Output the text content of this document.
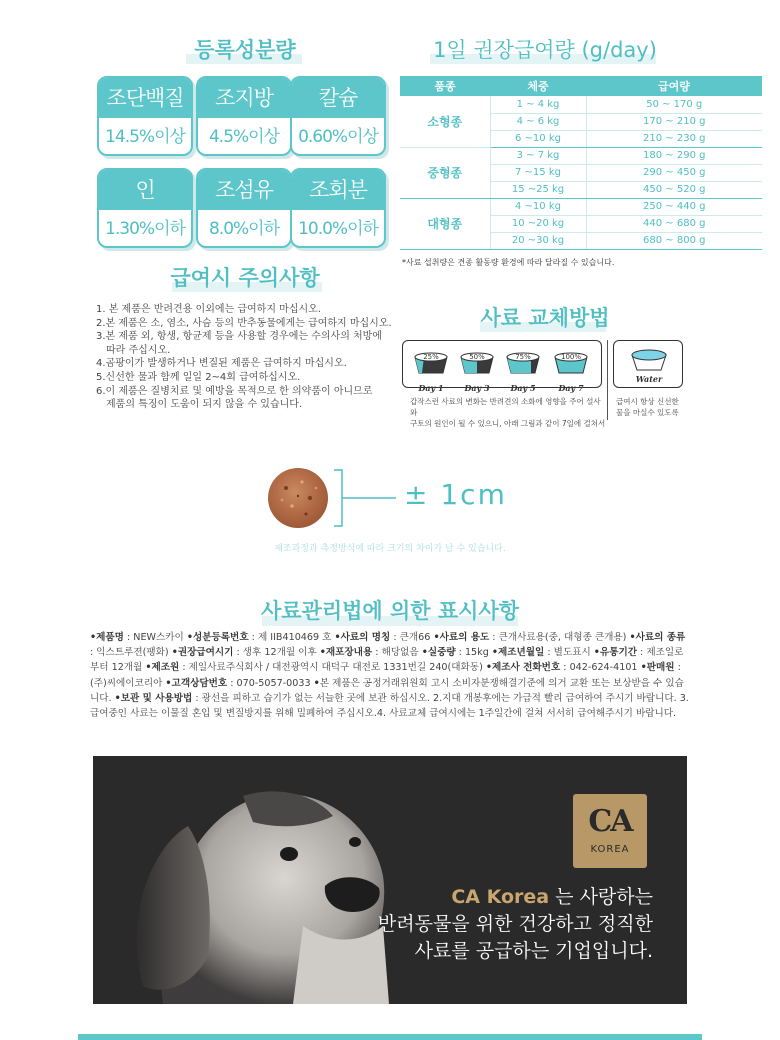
등록성분량
조단백질
14.5%이상
조지방
4.5%이상
칼슘
0.60%이상
인
1.30%이하
조섬유
8.0%이하
조회분
10.0%이하
1일 권장급여량 (g/day)
품종	체중	급여량
소형종	1 ~ 4 kg	50 ~ 170 g
	4 ~ 6 kg	170 ~ 210 g
	6 ~10 kg	210 ~ 230 g
중형종	3 ~ 7 kg	180 ~ 290 g
	7 ~15 kg	290 ~ 450 g
	15 ~25 kg	450 ~ 520 g
대형종	4 ~10 kg	250 ~ 440 g
	10 ~20 kg	440 ~ 680 g
	20 ~30 kg	680 ~ 800 g
*사료 섭취량은 견종 활동량 환경에 따라 달라질 수 있습니다.
급여시 주의사항
1. 본 제품은 반려견용 이외에는 급여하지 마십시오.
2.본 제품은 소, 염소, 사슴 등의 반추동물에게는 급여하지 마십시오.
3.본 제품 외, 항생, 항균제 등을 사용할 경우에는 수의사의 처방에
따라 주십시오.
4.곰팡이가 발생하거나 변질된 제품은 급여하지 마십시오.
5.신선한 물과 함께 일일 2~4회 급여하십시오.
6.이 제품은 질병치료 및 예방을 목적으로 한 의약품이 아니므로
제품의 특징이 도움이 되지 않을 수 있습니다.
사료 교체방법
25%
Day 1
50%
Day 3
75%
Day 5
100%
Day 7
Water
갑작스런 사료의 변화는 반려견의 소화에 영향을 주어 설사와
구토의 원인이 될 수 있으니, 아래 그림과 같이 7일에 걸쳐서
급여시 항상 신선한
물을 마실수 있도록
± 1cm
제조과정과 측정방식에 따라 크기의 차이가 날 수 있습니다.
사료관리법에 의한 표시사항
•제품명 : NEW스카이 •성분등록번호 : 제 IIB410469 호 •사료의 명칭 : 큰개66 •사료의 용도 : 큰개사료용(중, 대형종 큰개용) •사료의 종류 : 익스트루젼(팽화) •권장급여시기 : 생후 12개월 이후 •재포장내용 : 해당없음 •실중량 : 15kg •제조년월일 : 별도표시 •유통기간 : 제조일로부터 12개월 •제조원 : 제일사료주식회사 / 대전광역시 대덕구 대전로 1331번길 240(대화동) •제조사 전화번호 : 042-624-4101 •판매원 : (주)씨에이코리아 •고객상담번호 : 070-5057-0033 •본 제품은 공정거래위원회 고시 소비자분쟁해결기준에 의거 교환 또는 보상받을 수 있습니다. •보관 및 사용방법 : 광선을 피하고 습기가 없는 서늘한 곳에 보관 하십시오. 2.지대 개봉후에는 가급적 빨리 급여하여 주시기 바랍니다. 3. 급여중인 사료는 이물질 혼입 및 변질방지를 위해 밀폐하여 주십시오.4. 사료교체 급여시에는 1주일간에 걸쳐 서서히 급여해주시기 바랍니다.
CA
KOREA
CA Korea 는 사랑하는
반려동물을 위한 건강하고 정직한
사료를 공급하는 기업입니다.
